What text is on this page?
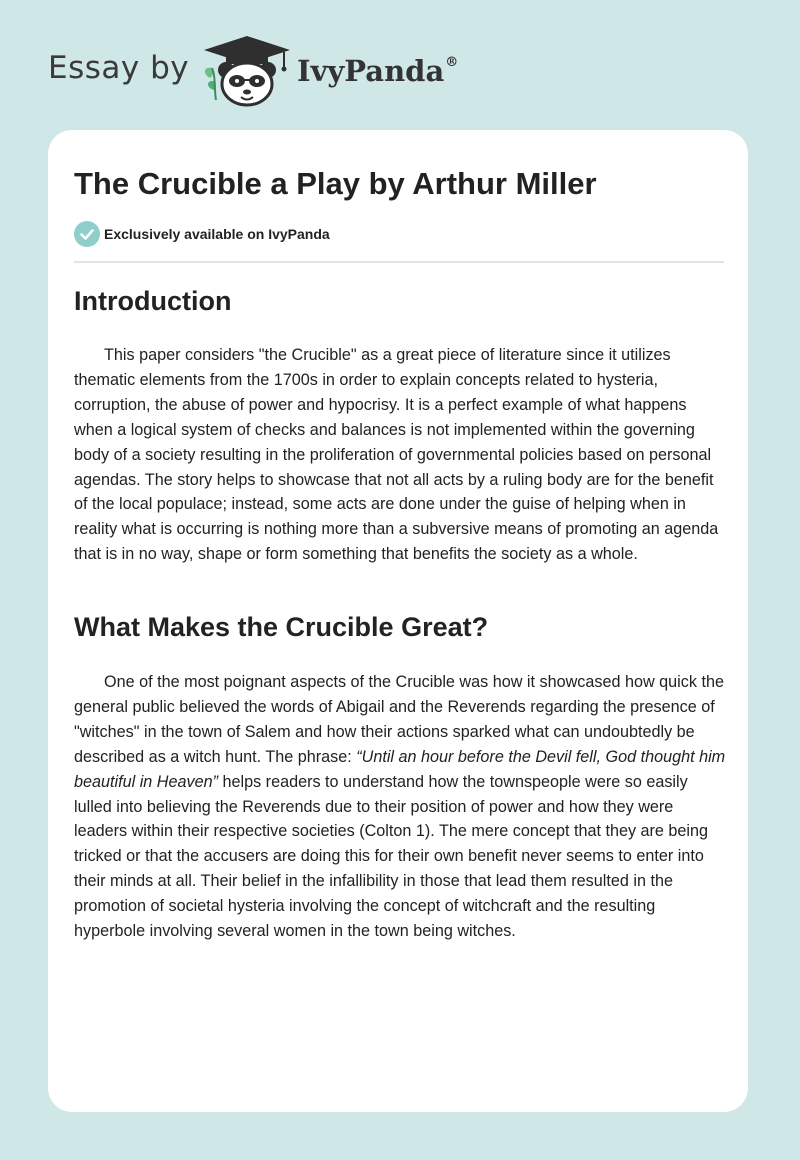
Essay by	IvyPanda®
The Crucible a Play by Arthur Miller
Exclusively available on IvyPanda
Introduction

This paper considers "the Crucible" as a great piece of literature since it utilizes thematic elements from the 1700s in order to explain concepts related to hysteria, corruption, the abuse of power and hypocrisy. It is a perfect example of what happens when a logical system of checks and balances is not implemented within the governing body of a society resulting in the proliferation of governmental policies based on personal agendas. The story helps to showcase that not all acts by a ruling body are for the benefit of the local populace; instead, some acts are done under the guise of helping when in reality what is occurring is nothing more than a subversive means of promoting an agenda that is in no way, shape or form something that benefits the society as a whole.

What Makes the Crucible Great?

One of the most poignant aspects of the Crucible was how it showcased how quick the general public believed the words of Abigail and the Reverends regarding the presence of "witches" in the town of Salem and how their actions sparked what can undoubtedly be described as a witch hunt. The phrase: “Until an hour before the Devil fell, God thought him beautiful in Heaven” helps readers to understand how the townspeople were so easily lulled into believing the Reverends due to their position of power and how they were leaders within their respective societies (Colton 1). The mere concept that they are being tricked or that the accusers are doing this for their own benefit never seems to enter into their minds at all. Their belief in the infallibility in those that lead them resulted in the promotion of societal hysteria involving the concept of witchcraft and the resulting hyperbole involving several women in the town being witches.
